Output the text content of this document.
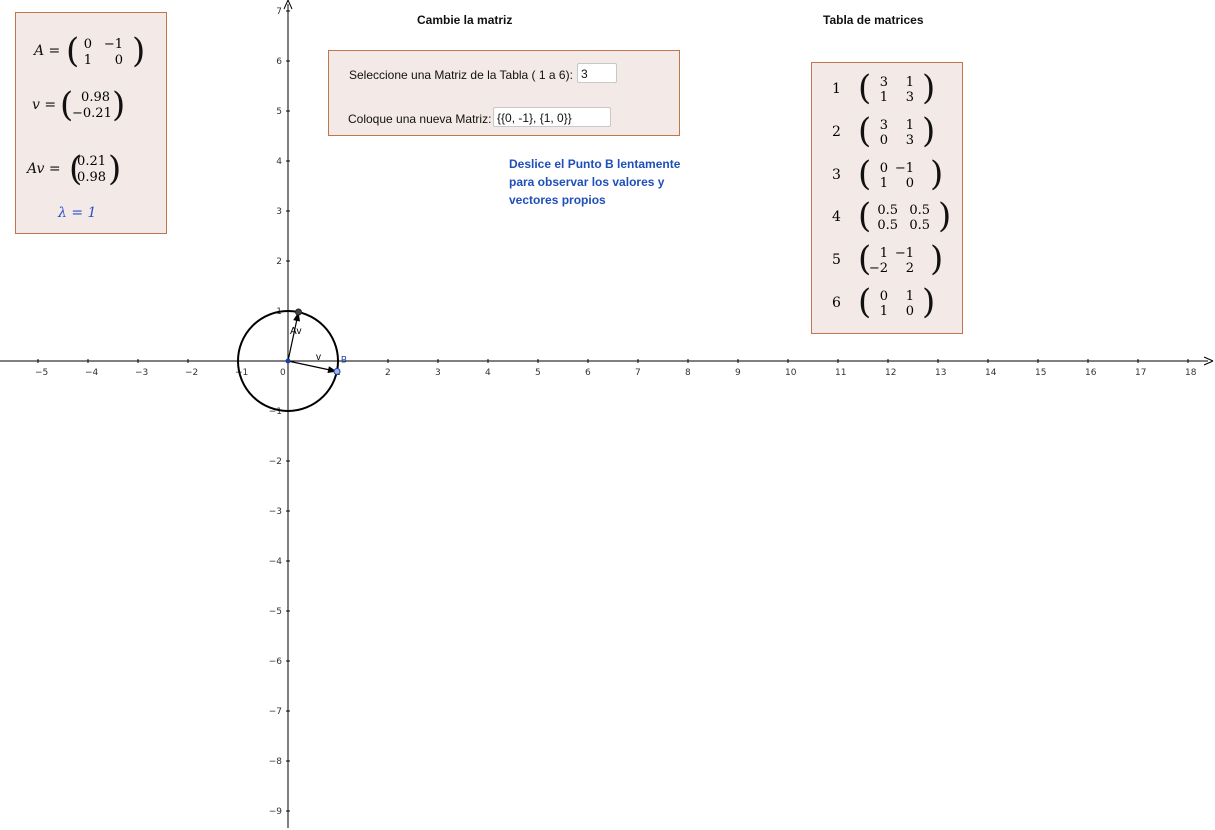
−5	−4	−3	−2	−1	0	2	3	4	5	6	7	8	9	10	11	12	13	14	15	16	17	18
7
6
5
4
3
2
1
−1
−2
−3
−4
−5
−6
−7
−8
−9
v
Av
B
A = ( 0 −1
1	0 )
v = ( 0.98
−0.21 )
Av = (
0.21
0.98 )
λ = 1
Cambie la matriz
Seleccione una Matriz de la Tabla ( 1 a 6): 3
Coloque una nueva Matriz: {{0, -1}, {1, 0}}
Deslice el Punto B lentamente
para observar los valores y
vectores propios
Tabla de matrices
1 ( 3	1
1	3 )
2 ( 3	1
0	3 )
3 ( 0 −1
1	0 )
4 ( 0.5 0.5
0.5 0.5 )
5 ( 1 −1
−2	2 )
6 ( 0	1
1	0 )
